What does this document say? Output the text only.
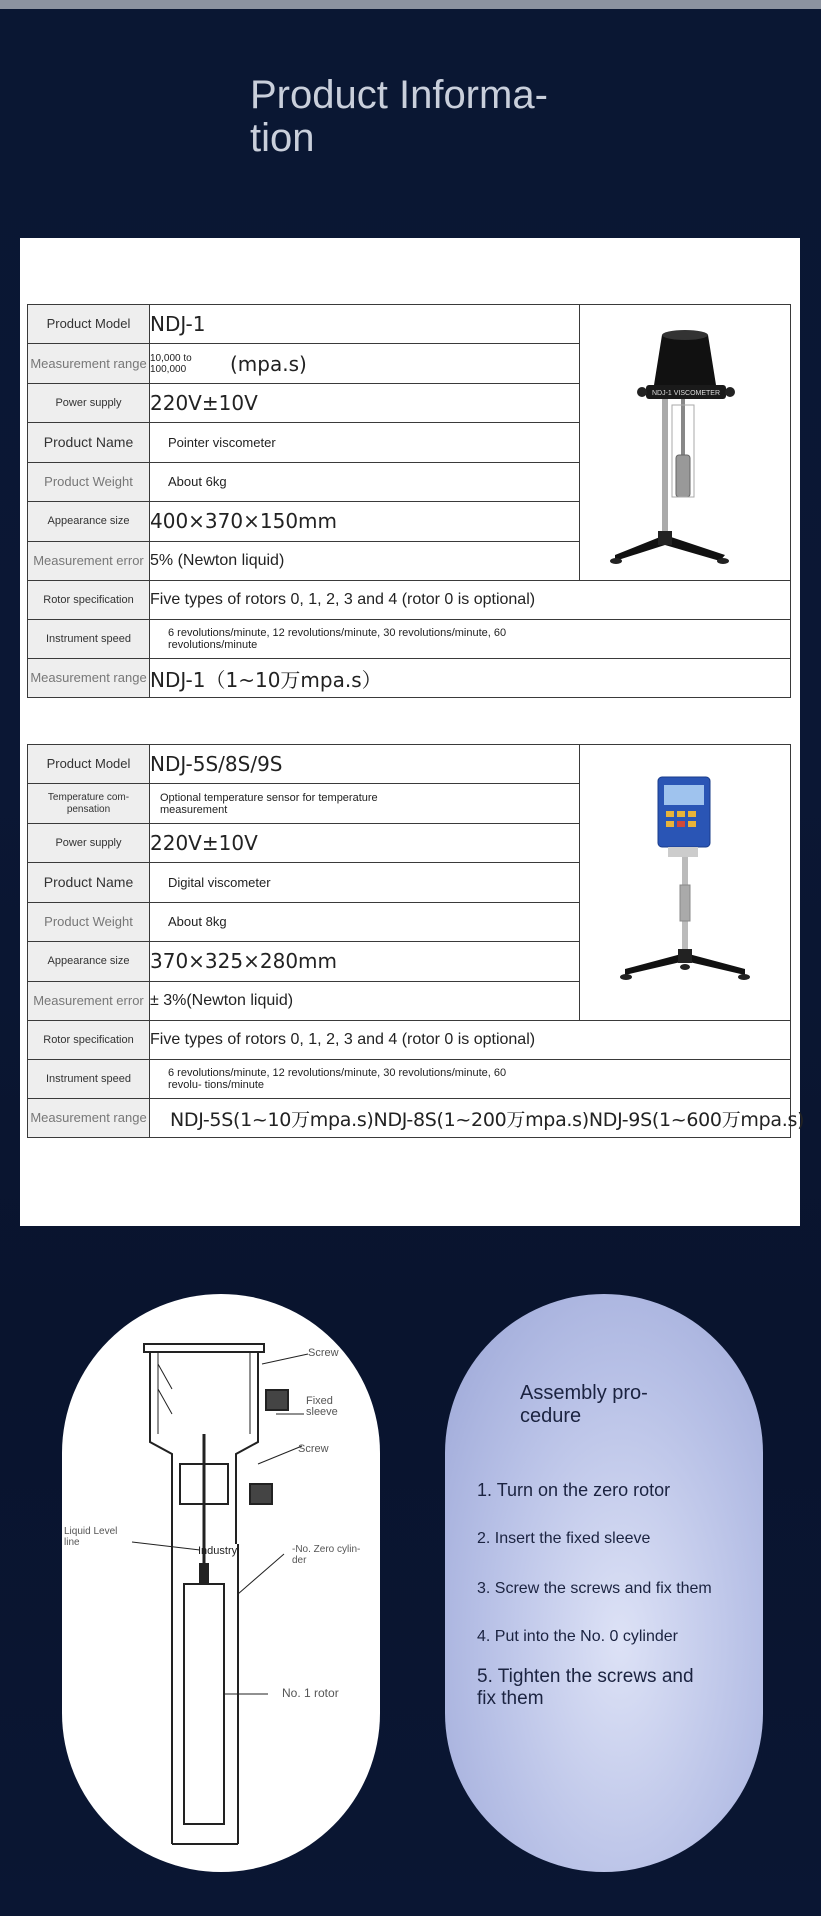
Product Informa- tion
Product Model	NDJ-1	NDJ-1 VISCOMETER

Measurement range	10,000 to 100,000 (mpa.s)	

Power supply	220V±10V	
Product Name	Pointer viscometer	
Product Weight	About 6kg	
Appearance size	400×370×150mm	
Measurement error	5% (Newton liquid)	
Rotor specification	Five types of rotors 0, 1, 2, 3 and 4 (rotor 0 is optional)	
Instrument speed	6 revolutions/minute, 12 revolutions/minute, 30 revolutions/minute, 60 revolutions/minute	

Measurement range	NDJ-1（1~10万mpa.s）	
Product Model	NDJ-5S/8S/9S	
Temperature com- pensation	Optional temperature sensor for temperature measurement	

Power supply	220V±10V	
Product Name	Digital viscometer	
Product Weight	About 8kg	
Appearance size	370×325×280mm	
Measurement error	± 3%(Newton liquid)	
Rotor specification	Five types of rotors 0, 1, 2, 3 and 4 (rotor 0 is optional)	
Instrument speed	6 revolutions/minute, 12 revolutions/minute, 30 revolutions/minute, 60 revolu- tions/minute	

Measurement range	NDJ-5S(1~10万mpa.s)NDJ-8S(1~200万mpa.s)NDJ-9S(1~600万mpa.s)	
Screw
Fixed sleeve
Screw
Liquid Level line
Industry	-No. Zero cylin- der
No. 1 rotor
Assembly pro- cedure
1. Turn on the zero rotor
2. Insert the fixed sleeve
3. Screw the screws and fix them
4. Put into the No. 0 cylinder
5. Tighten the screws and fix them
